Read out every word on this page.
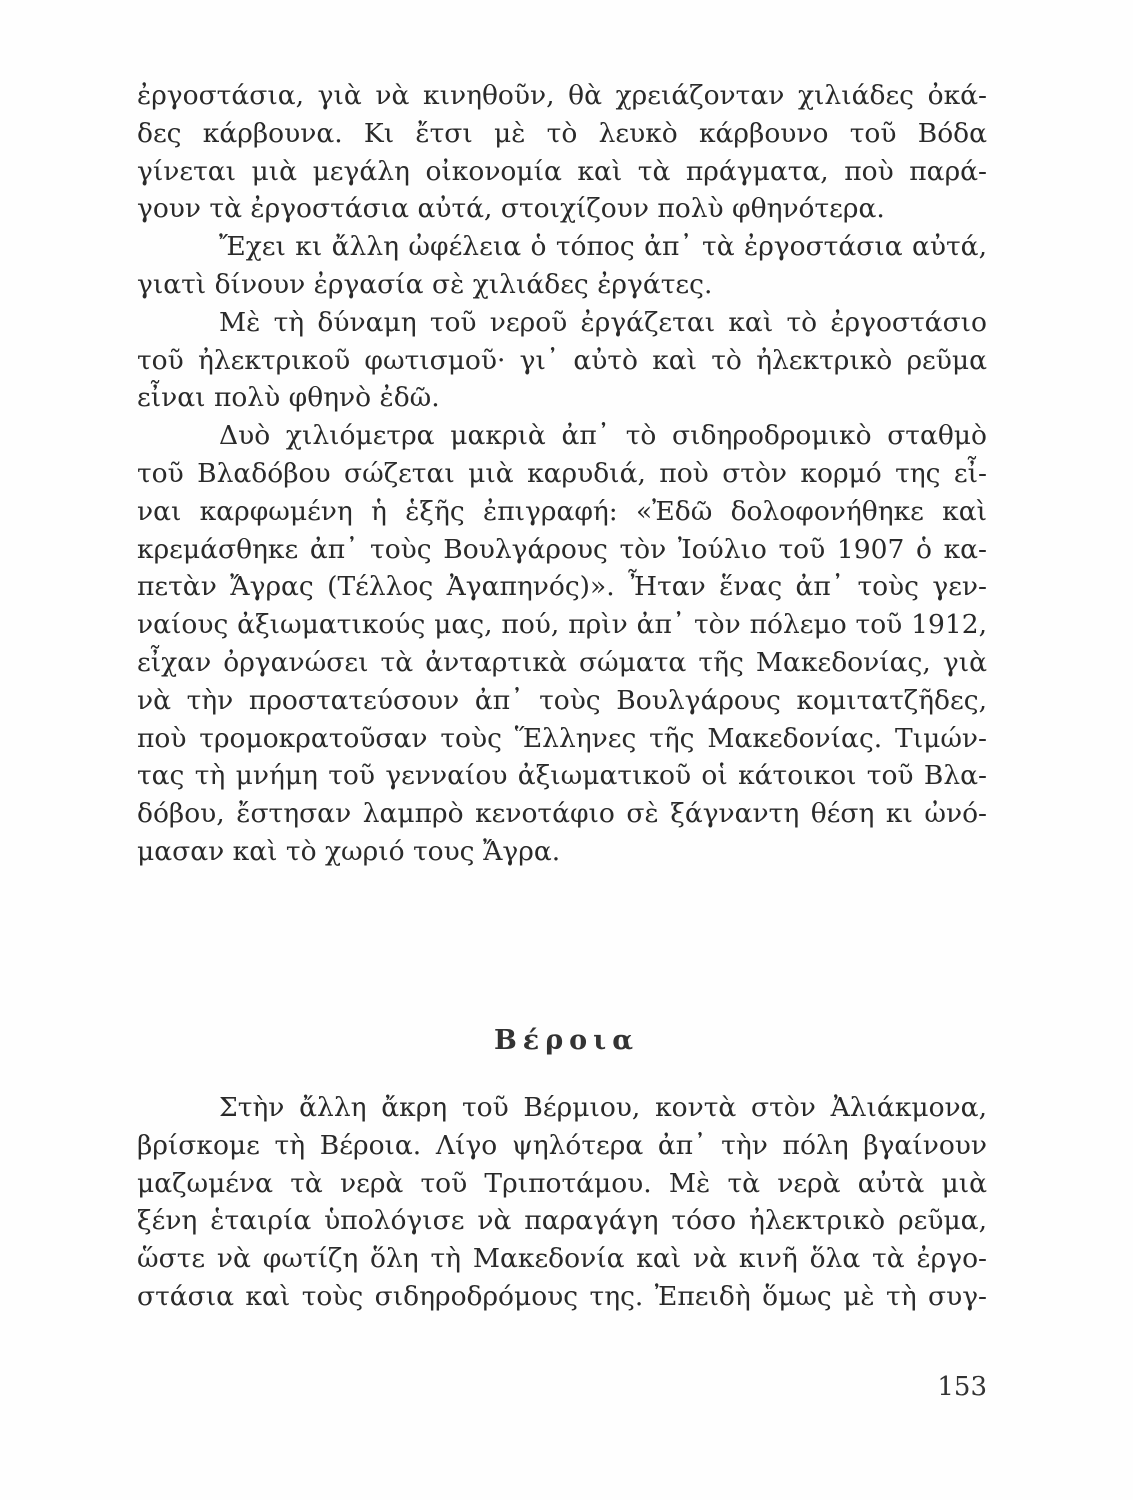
ἐργοστάσια, γιὰ νὰ κινηθοῦν, θὰ χρειάζονταν χιλιάδες ὀκά-
δες κάρβουνα. Κι ἔτσι μὲ τὸ λευκὸ κάρβουνο τοῦ Βόδα
γίνεται μιὰ μεγάλη οἰκονομία καὶ τὰ πράγματα, ποὺ παρά-
γουν τὰ ἐργοστάσια αὐτά, στοιχίζουν πολὺ φθηνότερα.
Ἔχει κι ἄλλη ὠφέλεια ὁ τόπος ἀπ᾽ τὰ ἐργοστάσια αὐτά,
γιατὶ δίνουν ἐργασία σὲ χιλιάδες ἐργάτες.
Μὲ τὴ δύναμη τοῦ νεροῦ ἐργάζεται καὶ τὸ ἐργοστάσιο
τοῦ ἠλεκτρικοῦ φωτισμοῦ· γι᾽ αὐτὸ καὶ τὸ ἠλεκτρικὸ ρεῦμα
εἶναι πολὺ φθηνὸ ἐδῶ.
Δυὸ χιλιόμετρα μακριὰ ἀπ᾽ τὸ σιδηροδρομικὸ σταθμὸ
τοῦ Βλαδόβου σώζεται μιὰ καρυδιά, ποὺ στὸν κορμό της εἶ-
ναι καρφωμένη ἡ ἑξῆς ἐπιγραφή: «Ἐδῶ δολοφονήθηκε καὶ
κρεμάσθηκε ἀπ᾽ τοὺς Βουλγάρους τὸν Ἰούλιο τοῦ 1907 ὁ κα-
πετὰν Ἄγρας (Τέλλος Ἀγαπηνός)». Ἦταν ἕνας ἀπ᾽ τοὺς γεν-
ναίους ἀξιωματικούς μας, πού, πρὶν ἀπ᾽ τὸν πόλεμο τοῦ 1912,
εἶχαν ὀργανώσει τὰ ἀνταρτικὰ σώματα τῆς Μακεδονίας, γιὰ
νὰ τὴν προστατεύσουν ἀπ᾽ τοὺς Βουλγάρους κομιτατζῆδες,
ποὺ τρομοκρατοῦσαν τοὺς Ἕλληνες τῆς Μακεδονίας. Τιμών-
τας τὴ μνήμη τοῦ γενναίου ἀξιωματικοῦ οἱ κάτοικοι τοῦ Βλα-
δόβου, ἔστησαν λαμπρὸ κενοτάφιο σὲ ξάγναντη θέση κι ὠνό-
μασαν καὶ τὸ χωριό τους Ἄγρα.
Βέροια
Στὴν ἄλλη ἄκρη τοῦ Βέρμιου, κοντὰ στὸν Ἀλιάκμονα,
βρίσκομε τὴ Βέροια. Λίγο ψηλότερα ἀπ᾽ τὴν πόλη βγαίνουν
μαζωμένα τὰ νερὰ τοῦ Τριποτάμου. Μὲ τὰ νερὰ αὐτὰ μιὰ
ξένη ἑταιρία ὑπολόγισε νὰ παραγάγη τόσο ἠλεκτρικὸ ρεῦμα,
ὥστε νὰ φωτίζη ὅλη τὴ Μακεδονία καὶ νὰ κινῆ ὅλα τὰ ἐργο-
στάσια καὶ τοὺς σιδηροδρόμους της. Ἐπειδὴ ὅμως μὲ τὴ συγ-
153
